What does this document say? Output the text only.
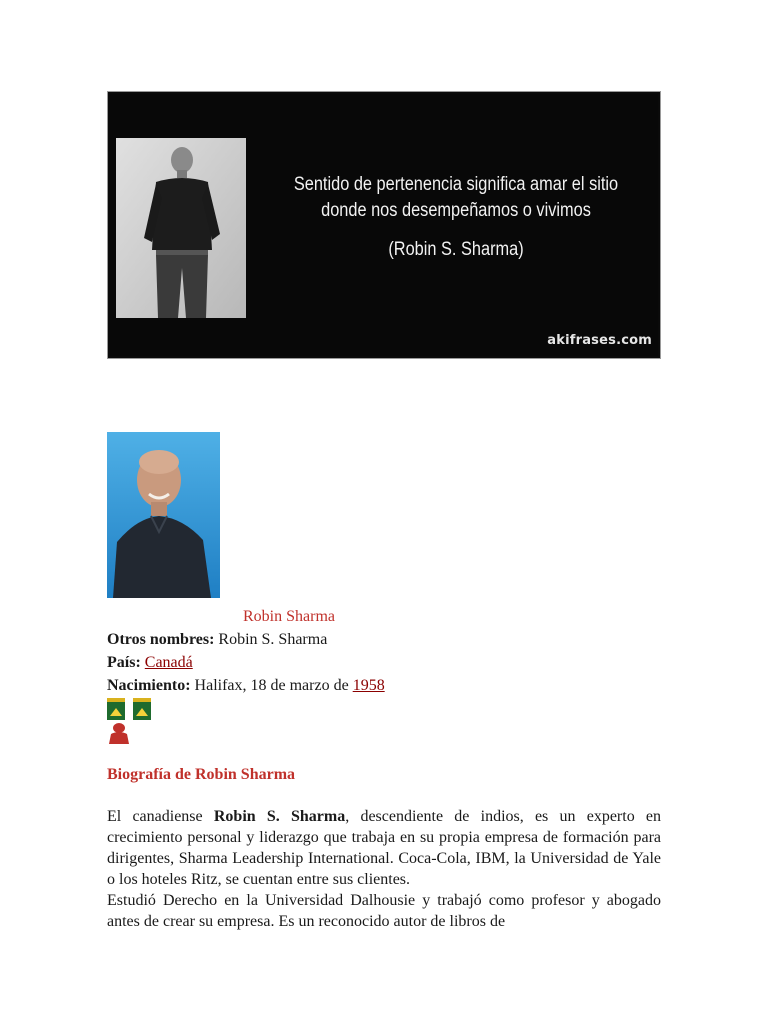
Sentido de pertenencia significa amar el sitio donde nos desempeñamos o vivimos
(Robin S. Sharma)
akifrases.com
Robin Sharma
Otros nombres: Robin S. Sharma
País: Canadá
Nacimiento: Halifax, 18 de marzo de 1958
Biografía de Robin Sharma

El canadiense Robin S. Sharma, descendiente de indios, es un experto en crecimiento personal y liderazgo que trabaja en su propia empresa de formación para dirigentes, Sharma Leadership International. Coca-Cola, IBM, la Universidad de Yale o los hoteles Ritz, se cuentan entre sus clientes.

Estudió Derecho en la Universidad Dalhousie y trabajó como profesor y abogado antes de crear su empresa. Es un reconocido autor de libros de
